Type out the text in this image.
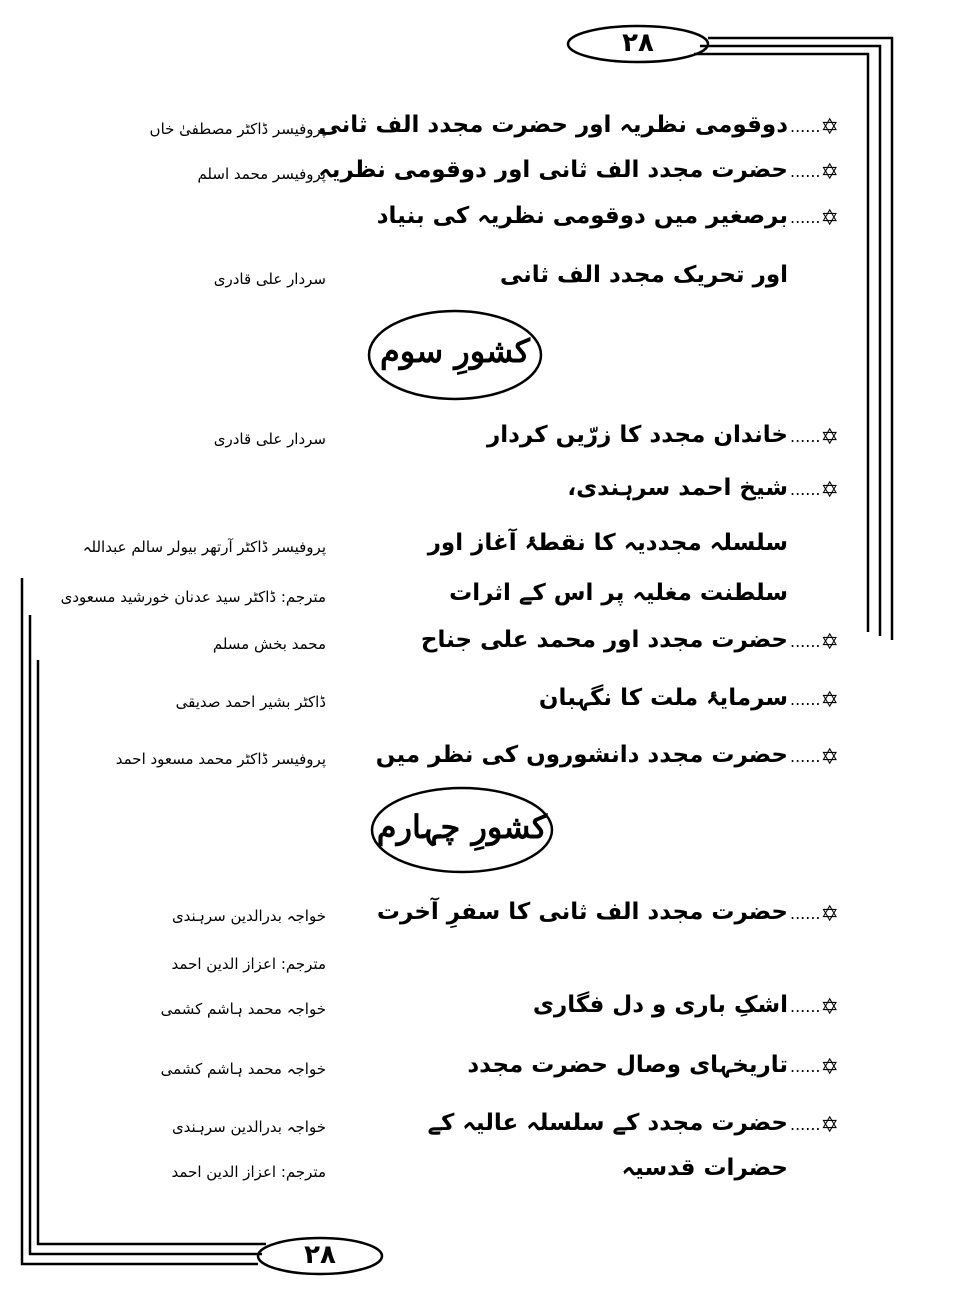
۲۸
۲۸
کشورِ سوم
کشورِ چہارم
......✡
دوقومی نظریہ اور حضرت مجدد الف ثانی
پروفیسر ڈاکٹر مصطفیٰ خاں
......✡
حضرت مجدد الف ثانی اور دوقومی نظریہ
پروفیسر محمد اسلم
......✡
برصغیر میں دوقومی نظریہ کی بنیاد
اور تحریک مجدد الف ثانی
سردار علی قادری
......✡
خاندان مجدد کا زرّیں کردار
سردار علی قادری
......✡
شیخ احمد سرہندی،
سلسلہ مجددیہ کا نقطۂ آغاز اور
پروفیسر ڈاکٹر آرتھر بیولر سالم عبداللہ
سلطنت مغلیہ پر اس کے اثرات
مترجم: ڈاکٹر سید عدنان خورشید مسعودی
......✡
حضرت مجدد اور محمد علی جناح
محمد بخش مسلم
......✡
سرمایۂ ملت کا نگہبان
ڈاکٹر بشیر احمد صدیقی
......✡
حضرت مجدد دانشوروں کی نظر میں
پروفیسر ڈاکٹر محمد مسعود احمد
......✡
حضرت مجدد الف ثانی کا سفرِ آخرت
خواجہ بدرالدین سرہندی
مترجم: اعزاز الدین احمد
......✡
اشکِ باری و دل فگاری
خواجہ محمد ہاشم کشمی
......✡
تاریخہای وصال حضرت مجدد
خواجہ محمد ہاشم کشمی
......✡
حضرت مجدد کے سلسلہ عالیہ کے
خواجہ بدرالدین سرہندی
حضرات قدسیہ
مترجم: اعزاز الدین احمد
